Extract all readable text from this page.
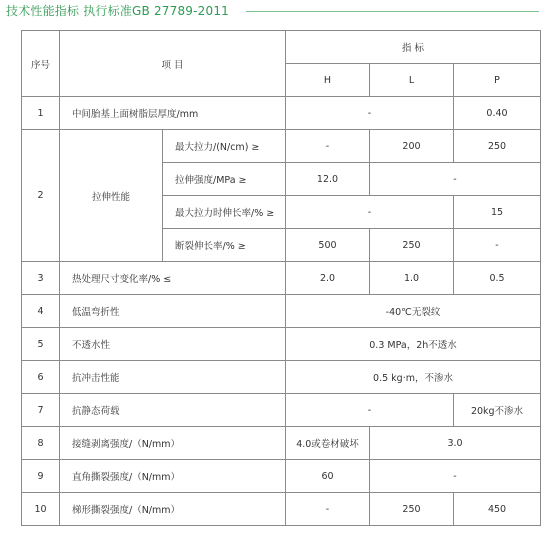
技术性能指标 执行标准GB 27789-2011
序号	项 目		指 标		
			H	L	P
1	中间胎基上面树脂层厚度/mm		-		0.40
2	拉伸性能	最大拉力/(N/cm) ≥	-	200	250
		拉伸强度/MPa ≥	12.0	-	
		最大拉力时伸长率/% ≥	-		15
		断裂伸长率/% ≥	500	250	-
3	热处理尺寸变化率/% ≤		2.0	1.0	0.5
4	低温弯折性		-40℃无裂纹		
5	不透水性		0.3 MPa，2h不透水		
6	抗冲击性能		0.5 kg·m，不渗水		
7	抗静态荷载		-		20kg不渗水
8	接缝剥离强度/（N/mm）		4.0或卷材破坏	3.0	
9	直角撕裂强度/（N/mm）		60	-	
10	梯形撕裂强度/（N/mm）		-	250	450
